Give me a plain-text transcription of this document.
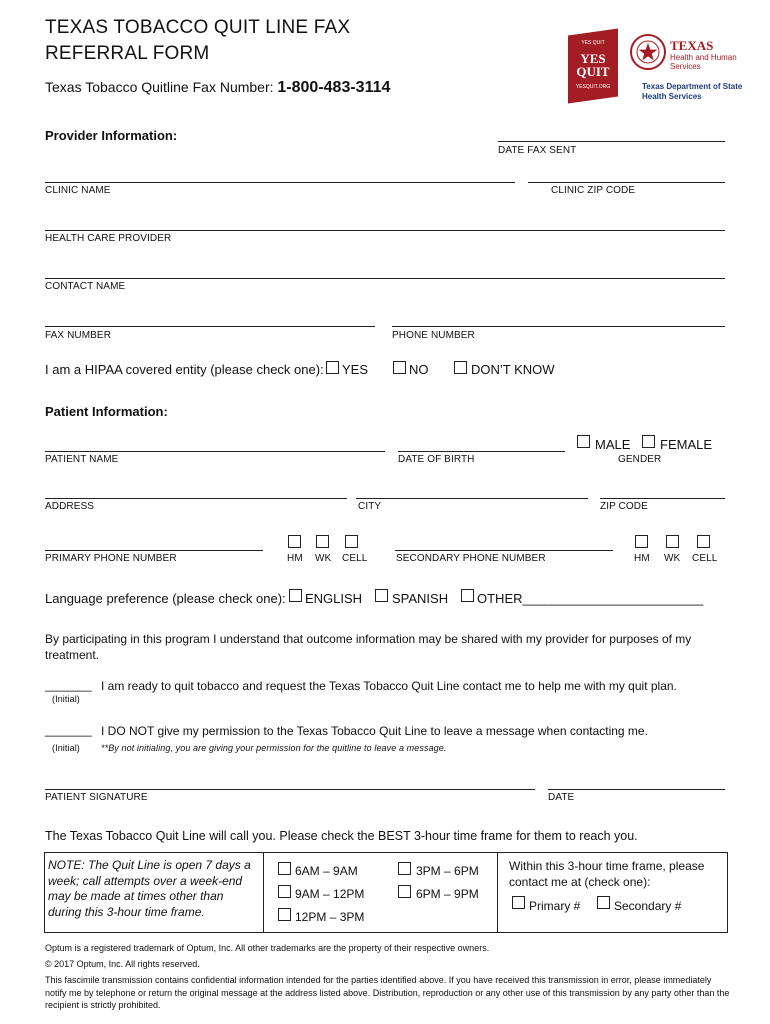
TEXAS TOBACCO QUIT LINE FAX
REFERRAL FORM
Texas Tobacco Quitline Fax Number: 1-800-483-3114
YES QUIT
YES QUIT
YESQUIT.ORG
TEXAS
Health and Human
Services
Texas Department of State
Health Services
Provider Information:
DATE FAX SENT
CLINIC NAME	CLINIC ZIP CODE
HEALTH CARE PROVIDER
CONTACT NAME
FAX NUMBER	PHONE NUMBER
I am a HIPAA covered entity (please check one): YES	NO	DON’T KNOW
Patient Information:
PATIENT NAME	DATE OF BIRTH
MALE FEMALE
GENDER
ADDRESS	CITY	ZIP CODE
PRIMARY PHONE NUMBER	HM WK CELL	SECONDARY PHONE NUMBER	HM WK CELL
Language preference (please check one): ENGLISH SPANISH OTHER_________________________
By participating in this program I understand that outcome information may be shared with my provider for purposes of my treatment.
_______ I am ready to quit tobacco and request the Texas Tobacco Quit Line contact me to help me with my quit plan.
(Initial)
_______ I DO NOT give my permission to the Texas Tobacco Quit Line to leave a message when contacting me.
(Initial) **By not initialing, you are giving your permission for the quitline to leave a message.
PATIENT SIGNATURE	DATE
The Texas Tobacco Quit Line will call you. Please check the BEST 3-hour time frame for them to reach you.
NOTE: The Quit Line is open 7 days a week; call attempts over a week-end may be made at times other than during this 3-hour time frame.
6AM – 9AM
9AM – 12PM
12PM – 3PM
3PM – 6PM
6PM – 9PM
Within this 3-hour time frame, please contact me at (check one):
Primary #	Secondary #
Optum is a registered trademark of Optum, Inc. All other trademarks are the property of their respective owners.
© 2017 Optum, Inc. All rights reserved.
This fascimile transmission contains confidential information intended for the parties identified above. If you have received this transmission in error, please immediately notify me by telephone or return the original message at the address listed above. Distribution, reproduction or any other use of this transmission by any party other than the recipient is strictly prohibited.
